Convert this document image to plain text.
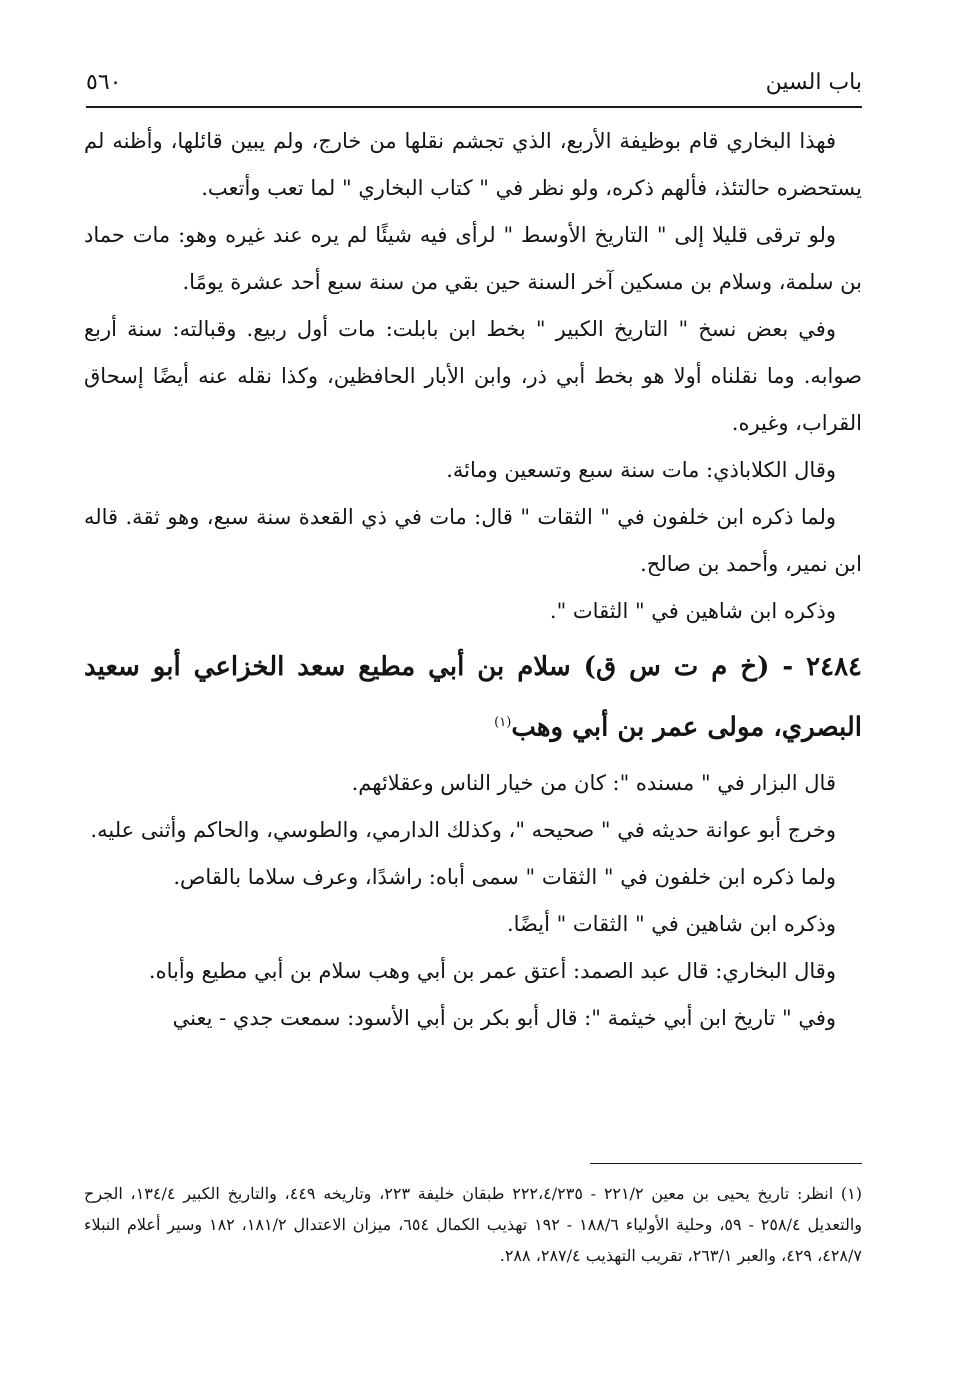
باب السين
٥٦٠

فهذا البخاري قام بوظيفة الأربع، الذي تجشم نقلها من خارج، ولم يبين قائلها، وأظنه لم يستحضره حالتئذ، فألهم ذكره، ولو نظر في " كتاب البخاري " لما تعب وأتعب.

ولو ترقى قليلا إلى " التاريخ الأوسط " لرأى فيه شيئًا لم يره عند غيره وهو: مات حماد بن سلمة، وسلام بن مسكين آخر السنة حين بقي من سنة سبع أحد عشرة يومًا.

وفي بعض نسخ " التاريخ الكبير " بخط ابن بابلت: مات أول ربيع. وقبالته: سنة أربع صوابه. وما نقلناه أولا هو بخط أبي ذر، وابن الأبار الحافظين، وكذا نقله عنه أيضًا إسحاق القراب، وغيره.

وقال الكلاباذي: مات سنة سبع وتسعين ومائة.

ولما ذكره ابن خلفون في " الثقات " قال: مات في ذي القعدة سنة سبع، وهو ثقة. قاله ابن نمير، وأحمد بن صالح.

وذكره ابن شاهين في " الثقات ".

٢٤٨٤ - (خ م ت س ق) سلام بن أبي مطيع سعد الخزاعي أبو سعيد البصري، مولى عمر بن أبي وهب$^{(١)}$

قال البزار في " مسنده ": كان من خيار الناس وعقلائهم.

وخرج أبو عوانة حديثه في " صحيحه "، وكذلك الدارمي، والطوسي، والحاكم وأثنى عليه.

ولما ذكره ابن خلفون في " الثقات " سمى أباه: راشدًا، وعرف سلاما بالقاص.

وذكره ابن شاهين في " الثقات " أيضًا.

وقال البخاري: قال عبد الصمد: أعتق عمر بن أبي وهب سلام بن أبي مطيع وأباه.

وفي " تاريخ ابن أبي خيثمة ": قال أبو بكر بن أبي الأسود: سمعت جدي - يعني

(١) انظر: تاريخ يحيى بن معين ٢٢١/٢ - ٢٢٢،٤/٢٣٥ طبقان خليفة ٢٢٣، وتاريخه ٤٤٩، والتاريخ الكبير ١٣٤/٤، الجرح والتعديل ٢٥٨/٤ - ٥٩، وحلية الأولياء ١٨٨/٦ - ١٩٢ تهذيب الكمال ٦٥٤، ميزان الاعتدال ١٨١/٢، ١٨٢ وسير أعلام النبلاء ٤٢٨/٧، ٤٢٩، والعبر ٢٦٣/١، تقريب التهذيب ٢٨٧/٤، ٢٨٨.
